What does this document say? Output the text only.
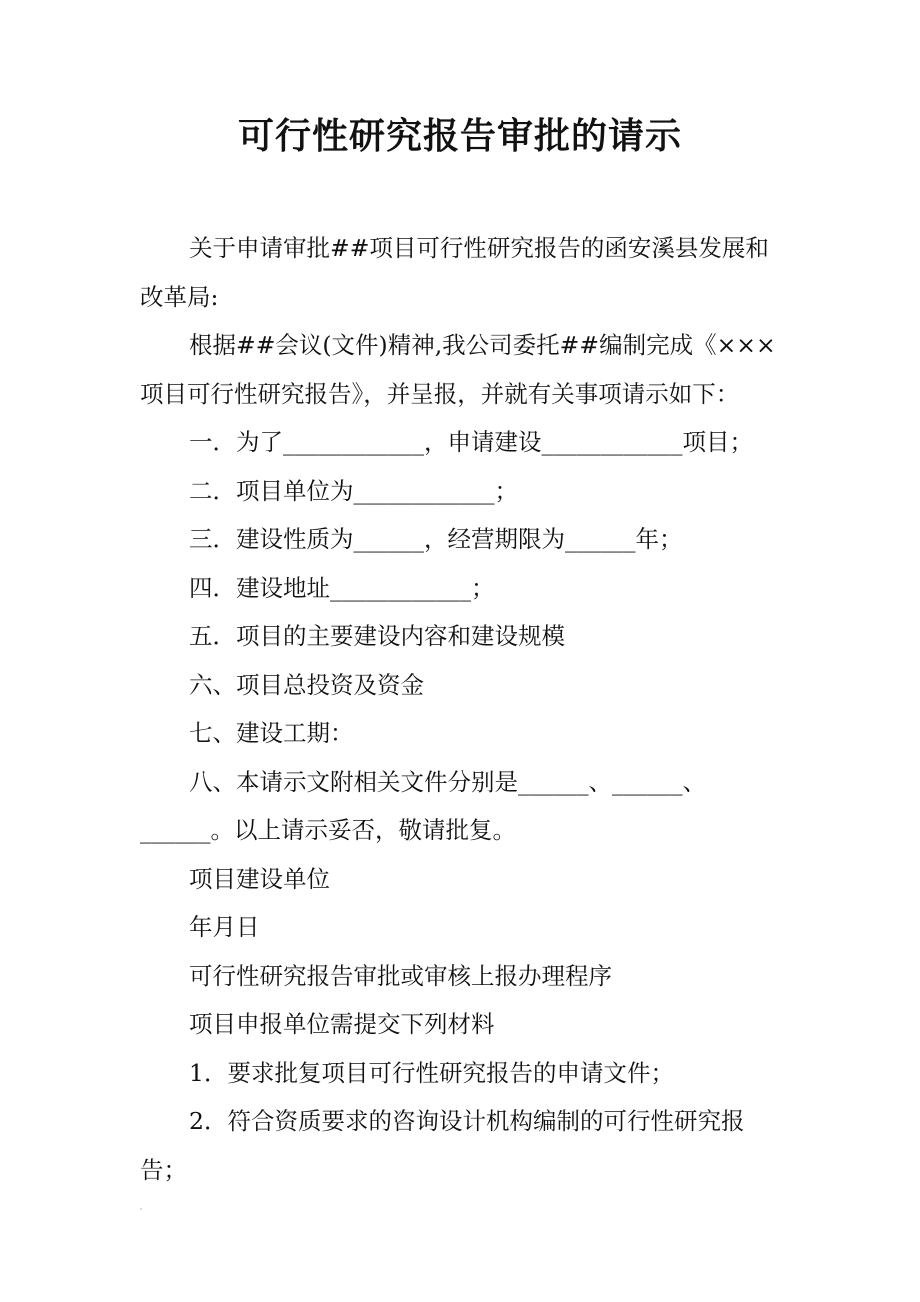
可行性研究报告审批的请示

关于申请审批##项目可行性研究报告的函安溪县发展和改革局:

根据##会议(文件)精神,我公司委托##编制完成《×××项目可行性研究报告》，并呈报，并就有关事项请示如下：

一．为了____________，申请建设____________项目；

二．项目单位为____________；

三．建设性质为______，经营期限为______年；

四．建设地址____________；

五．项目的主要建设内容和建设规模

六、项目总投资及资金

七、建设工期：

八、本请示文附相关文件分别是______、______、______。以上请示妥否，敬请批复。

项目建设单位

年月日

可行性研究报告审批或审核上报办理程序

项目申报单位需提交下列材料

1．要求批复项目可行性研究报告的申请文件；

2．符合资质要求的咨询设计机构编制的可行性研究报告；
